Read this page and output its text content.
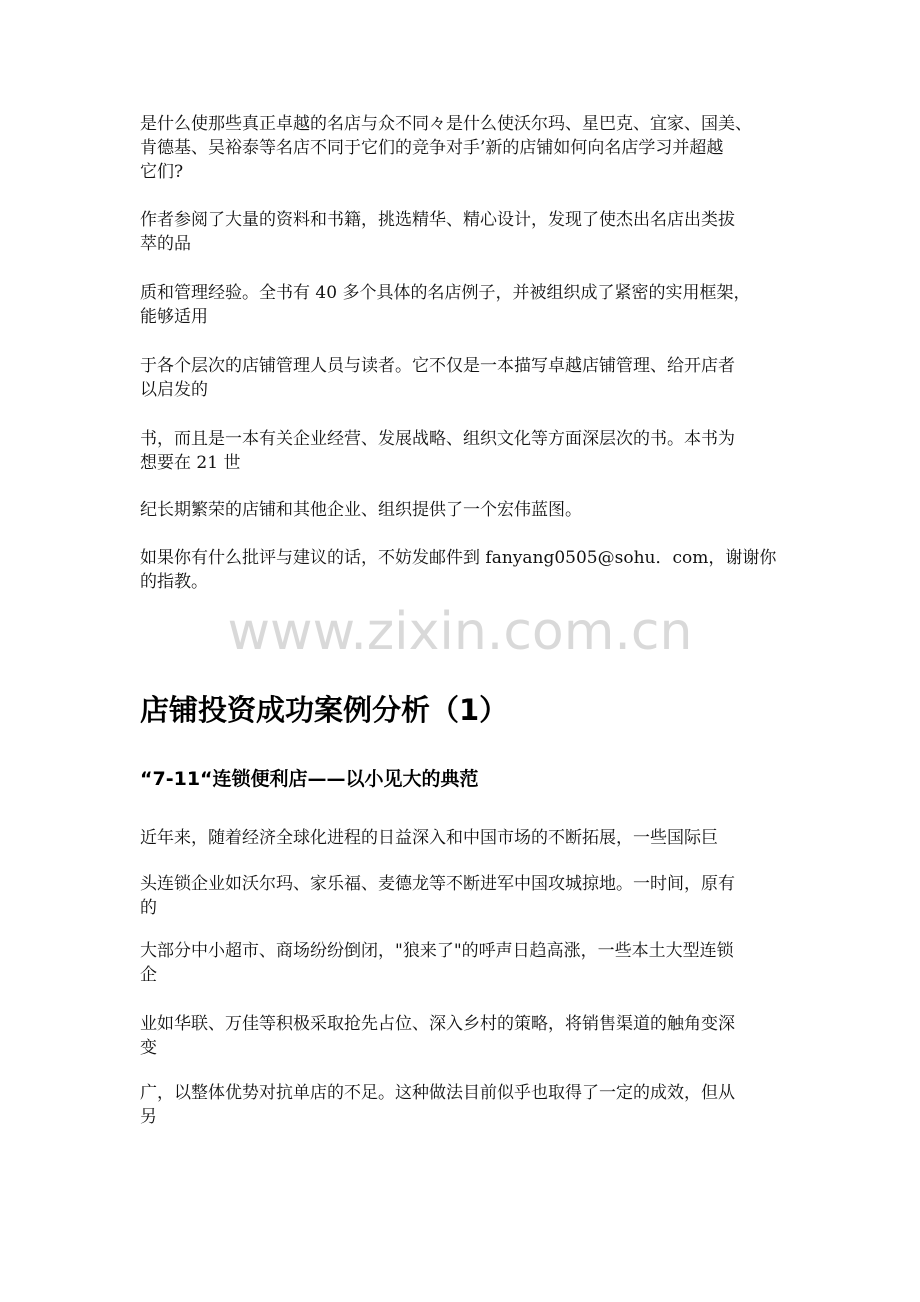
是什么使那些真正卓越的名店与众不同々是什么使沃尔玛、星巴克、宜家、国美、
肯德基、吴裕泰等名店不同于它们的竞争对手’新的店铺如何向名店学习并超越
它们?

作者参阅了大量的资料和书籍，挑选精华、精心设计，发现了使杰出名店出类拔
萃的品

质和管理经验。全书有 40 多个具体的名店例子，并被组织成了紧密的实用框架，
能够适用

于各个层次的店铺管理人员与读者。它不仅是一本描写卓越店铺管理、给开店者
以启发的

书，而且是一本有关企业经营、发展战略、组织文化等方面深层次的书。本书为
想要在 21 世

纪长期繁荣的店铺和其他企业、组织提供了一个宏伟蓝图。

如果你有什么批评与建议的话，不妨发邮件到 fanyang0505@sohu．com，谢谢你
的指教。

www.zixin.com.cn
店铺投资成功案例分析（1）
“7-11“连锁便利店——以小见大的典范

近年来，随着经济全球化进程的日益深入和中国市场的不断拓展，一些国际巨

头连锁企业如沃尔玛、家乐福、麦德龙等不断进军中国攻城掠地。一时间，原有
的

大部分中小超市、商场纷纷倒闭，"狼来了"的呼声日趋高涨，一些本土大型连锁
企

业如华联、万佳等积极采取抢先占位、深入乡村的策略，将销售渠道的触角变深
变

广，以整体优势对抗单店的不足。这种做法目前似乎也取得了一定的成效，但从
另
